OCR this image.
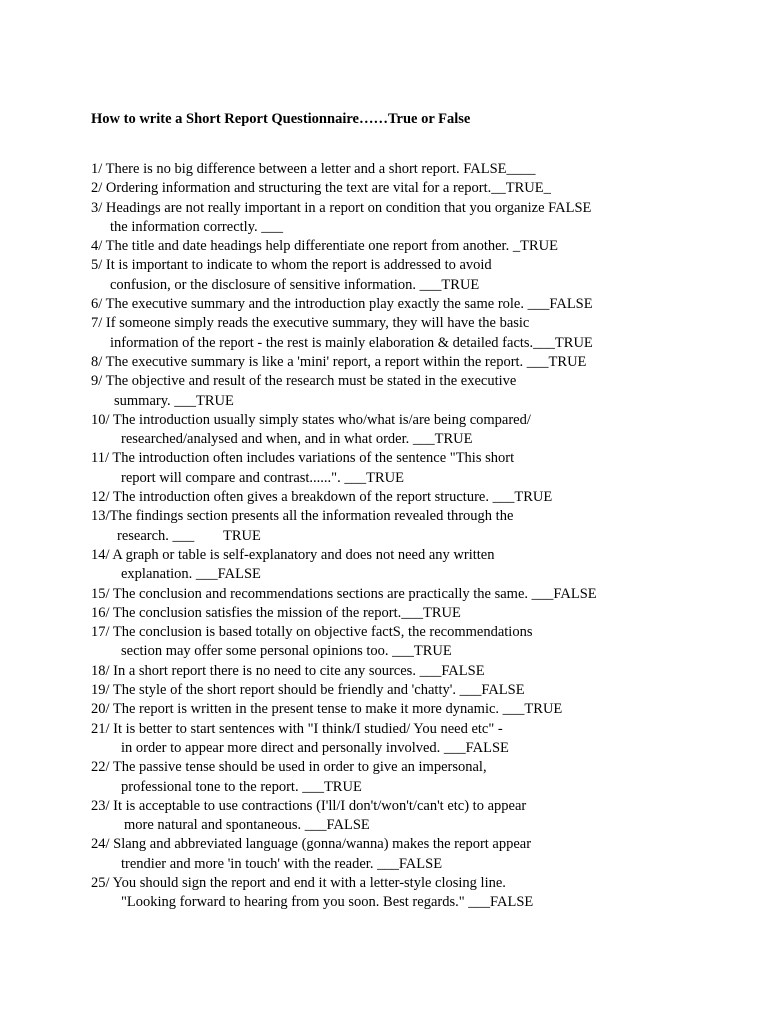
How to write a Short Report Questionnaire……True or False
1/ There is no big difference between a letter and a short report. FALSE____
2/ Ordering information and structuring the text are vital for a report.__TRUE_
3/ Headings are not really important in a report on condition that you organize FALSE
the information correctly. ___
4/ The title and date headings help differentiate one report from another. _TRUE
5/ It is important to indicate to whom the report is addressed to avoid
confusion, or the disclosure of sensitive information. ___TRUE
6/ The executive summary and the introduction play exactly the same role. ___FALSE
7/ If someone simply reads the executive summary, they will have the basic
information of the report - the rest is mainly elaboration & detailed facts.___TRUE
8/ The executive summary is like a 'mini' report, a report within the report. ___TRUE
9/ The objective and result of the research must be stated in the executive
summary. ___TRUE
10/ The introduction usually simply states who/what is/are being compared/
researched/analysed and when, and in what order. ___TRUE
11/ The introduction often includes variations of the sentence "This short
report will compare and contrast......". ___TRUE
12/ The introduction often gives a breakdown of the report structure. ___TRUE
13/The findings section presents all the information revealed through the
research. ___        TRUE
14/ A graph or table is self-explanatory and does not need any written
explanation. ___FALSE
15/ The conclusion and recommendations sections are practically the same. ___FALSE
16/ The conclusion satisfies the mission of the report.___TRUE
17/ The conclusion is based totally on objective factS, the recommendations
section may offer some personal opinions too. ___TRUE
18/ In a short report there is no need to cite any sources. ___FALSE
19/ The style of the short report should be friendly and 'chatty'. ___FALSE
20/ The report is written in the present tense to make it more dynamic. ___TRUE
21/ It is better to start sentences with "I think/I studied/ You need etc" -
in order to appear more direct and personally involved. ___FALSE
22/ The passive tense should be used in order to give an impersonal,
professional tone to the report. ___TRUE
23/ It is acceptable to use contractions (I'll/I don't/won't/can't etc) to appear
more natural and spontaneous. ___FALSE
24/ Slang and abbreviated language (gonna/wanna) makes the report appear
trendier and more 'in touch' with the reader. ___FALSE
25/ You should sign the report and end it with a letter-style closing line.
"Looking forward to hearing from you soon. Best regards." ___FALSE
